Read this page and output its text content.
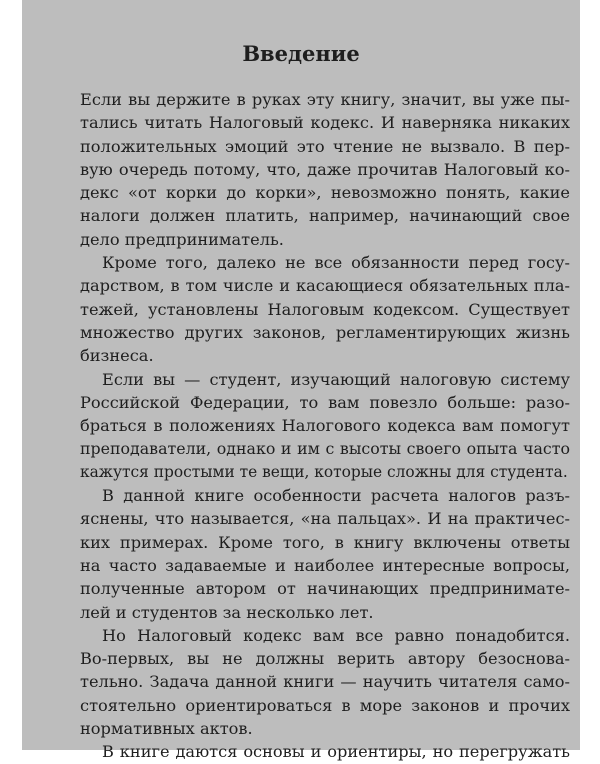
Введение
Если вы держите в руках эту книгу, значит, вы уже пы-
тались читать Налоговый кодекс. И наверняка никаких
положительных эмоций это чтение не вызвало. В пер-
вую очередь потому, что, даже прочитав Налоговый ко-
декс «от корки до корки», невозможно понять, какие
налоги должен платить, например, начинающий свое
дело предприниматель.
Кроме того, далеко не все обязанности перед госу-
дарством, в том числе и касающиеся обязательных пла-
тежей, установлены Налоговым кодексом. Существует
множество других законов, регламентирующих жизнь
бизнеса.
Если вы — студент, изучающий налоговую систему
Российской Федерации, то вам повезло больше: разо-
браться в положениях Налогового кодекса вам помогут
преподаватели, однако и им с высоты своего опыта часто
кажутся простыми те вещи, которые сложны для студента.
В данной книге особенности расчета налогов разъ-
яснены, что называется, «на пальцах». И на практичес-
ких примерах. Кроме того, в книгу включены ответы
на часто задаваемые и наиболее интересные вопросы,
полученные автором от начинающих предпринимате-
лей и студентов за несколько лет.
Но Налоговый кодекс вам все равно понадобится.
Во-первых, вы не должны верить автору безоснова-
тельно. Задача данной книги — научить читателя само-
стоятельно ориентироваться в море законов и прочих
нормативных актов.
В книге даются основы и ориентиры, но перегружать
